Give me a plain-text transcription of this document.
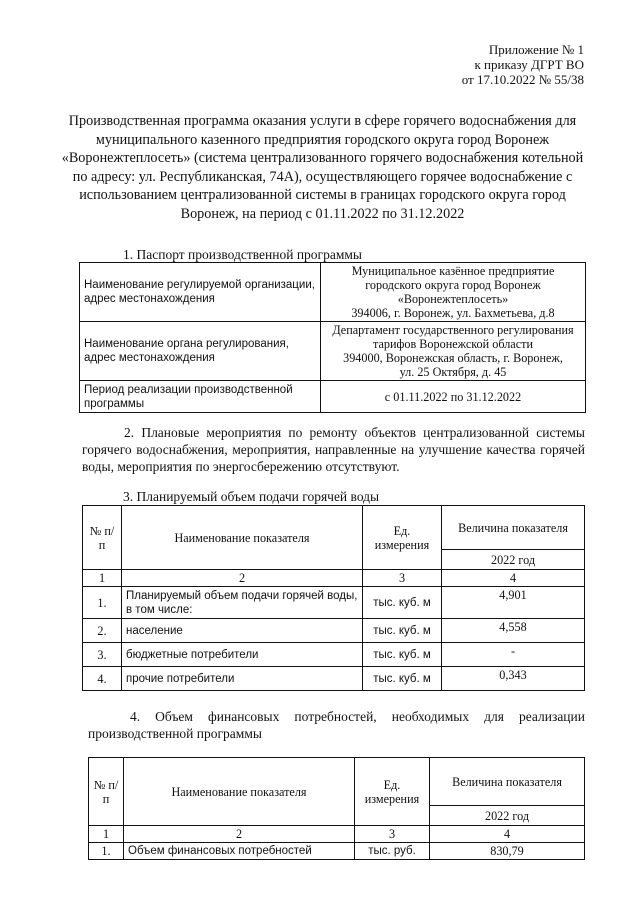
Приложение № 1
к приказу ДГРТ ВО
от 17.10.2022 № 55/38
Производственная программа оказания услуги в сфере горячего водоснабжения для муниципального казенного предприятия городского округа город Воронеж «Воронежтеплосеть» (система централизованного горячего водоснабжения котельной по адресу: ул. Республиканская, 74А), осуществляющего горячее водоснабжение с использованием централизованной системы в границах городского округа город Воронеж, на период с 01.11.2022 по 31.12.2022
1. Паспорт производственной программы
Наименование регулируемой организации, адрес местонахождения	Муниципальное казённое предприятие
городского округа город Воронеж
«Воронежтеплосеть»
394006, г. Воронеж, ул. Бахметьева, д.8

Наименование органа регулирования, адрес местонахождения	Департамент государственного регулирования
тарифов Воронежской области
394000, Воронежская область, г. Воронеж,
ул. 25 Октября, д. 45

Период реализации производственной программы	с 01.11.2022 по 31.12.2022
2. Плановые мероприятия по ремонту объектов централизованной системы горячего водоснабжения, мероприятия, направленные на улучшение качества горячей воды, мероприятия по энергосбережению отсутствуют.
3. Планируемый объем подачи горячей воды
№ п/п	Наименование показателя	Ед. измерения	Величина показателя
			2022 год
1	2	3	4
1.	Планируемый объем подачи горячей воды, в том числе:	тыс. куб. м	4,901
2.	население	тыс. куб. м	4,558
3.	бюджетные потребители	тыс. куб. м	-
4.	прочие потребители	тыс. куб. м	0,343
4. Объем финансовых потребностей, необходимых для реализации производственной программы
№ п/п	Наименование показателя	Ед. измерения	Величина показателя
			2022 год
1	2	3	4
1.	Объем финансовых потребностей	тыс. руб.	830,79
